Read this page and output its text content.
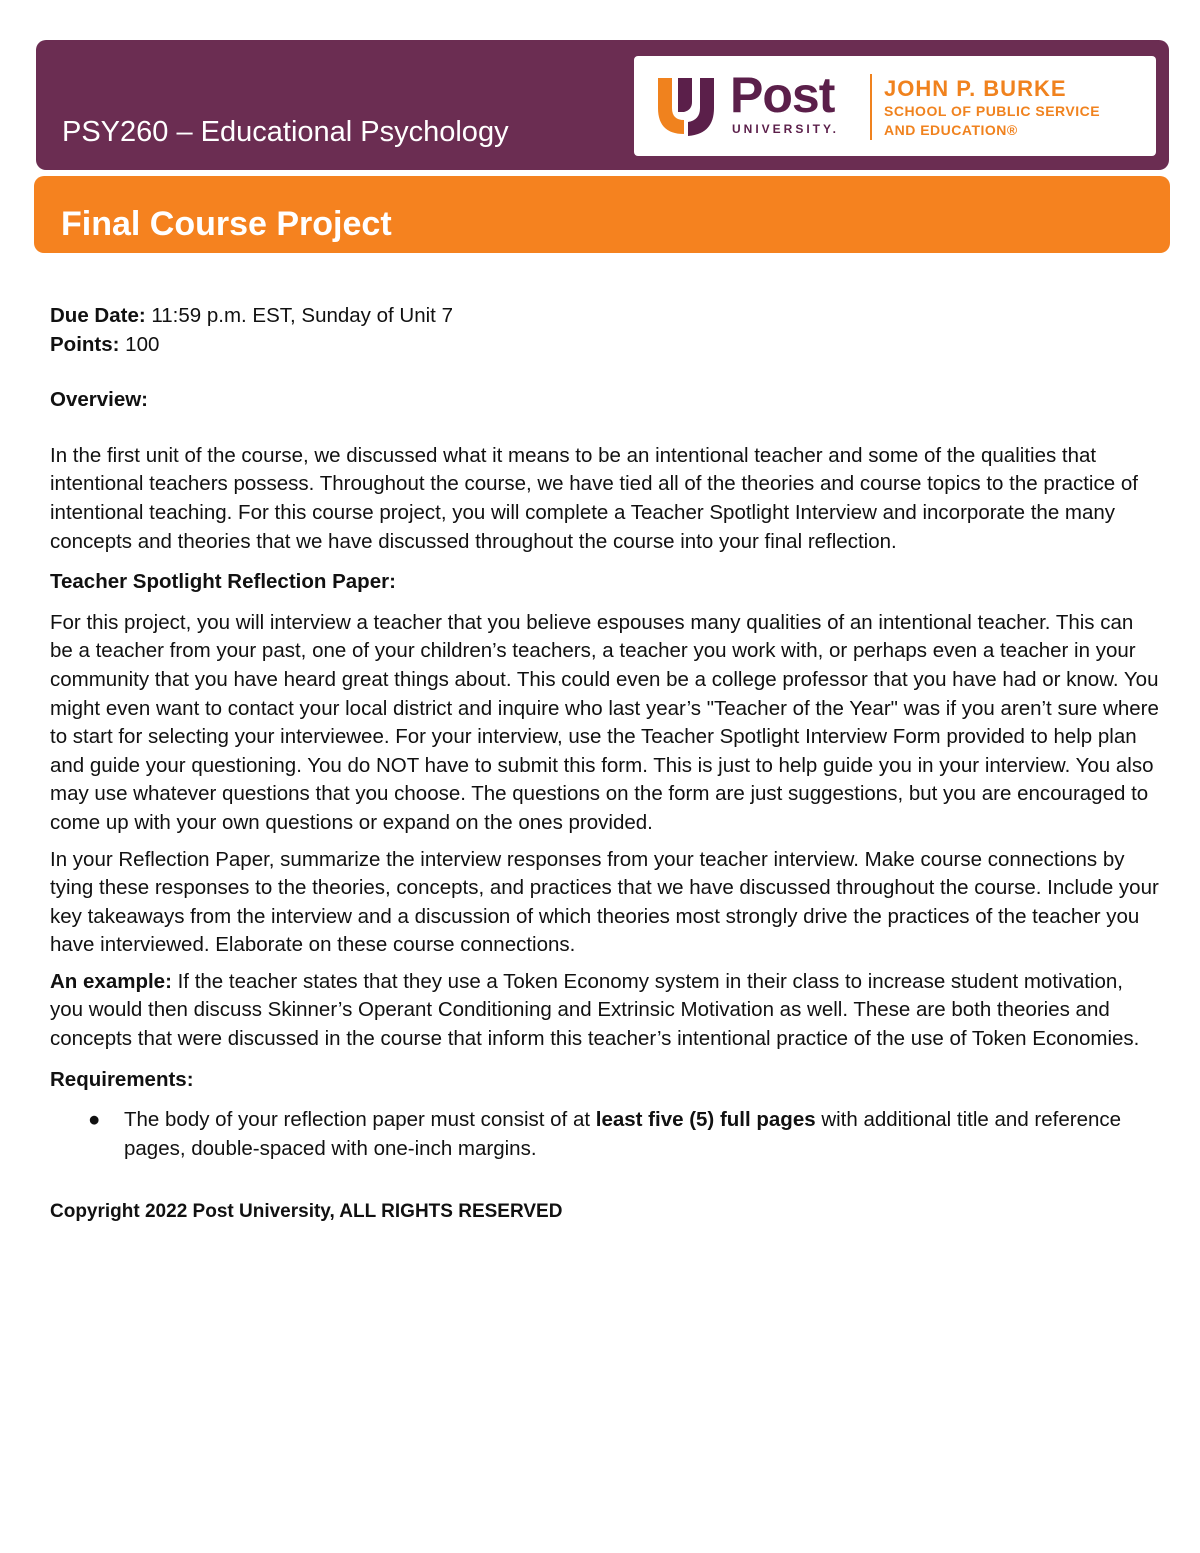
PSY260 – Educational Psychology
Post
UNIVERSITY.
JOHN P. BURKE
SCHOOL OF PUBLIC SERVICE
AND EDUCATION®
Final Course Project

Due Date: 11:59 p.m. EST, Sunday of Unit 7

Points: 100

Overview:

In the first unit of the course, we discussed what it means to be an intentional teacher and some of the qualities that intentional teachers possess. Throughout the course, we have tied all of the theories and course topics to the practice of intentional teaching. For this course project, you will complete a Teacher Spotlight Interview and incorporate the many concepts and theories that we have discussed throughout the course into your final reflection.

Teacher Spotlight Reflection Paper:

For this project, you will interview a teacher that you believe espouses many qualities of an intentional teacher. This can be a teacher from your past, one of your children’s teachers, a teacher you work with, or perhaps even a teacher in your community that you have heard great things about. This could even be a college professor that you have had or know. You might even want to contact your local district and inquire who last year’s "Teacher of the Year" was if you aren’t sure where to start for selecting your interviewee. For your interview, use the Teacher Spotlight Interview Form provided to help plan and guide your questioning. You do NOT have to submit this form. This is just to help guide you in your interview. You also may use whatever questions that you choose. The questions on the form are just suggestions, but you are encouraged to come up with your own questions or expand on the ones provided.

In your Reflection Paper, summarize the interview responses from your teacher interview. Make course connections by tying these responses to the theories, concepts, and practices that we have discussed throughout the course. Include your key takeaways from the interview and a discussion of which theories most strongly drive the practices of the teacher you have interviewed. Elaborate on these course connections.

An example: If the teacher states that they use a Token Economy system in their class to increase student motivation, you would then discuss Skinner’s Operant Conditioning and Extrinsic Motivation as well. These are both theories and concepts that were discussed in the course that inform this teacher’s intentional practice of the use of Token Economies.

Requirements:

● The body of your reflection paper must consist of at least five (5) full pages with additional title and reference pages, double-spaced with one-inch margins.

Copyright 2022 Post University, ALL RIGHTS RESERVED
